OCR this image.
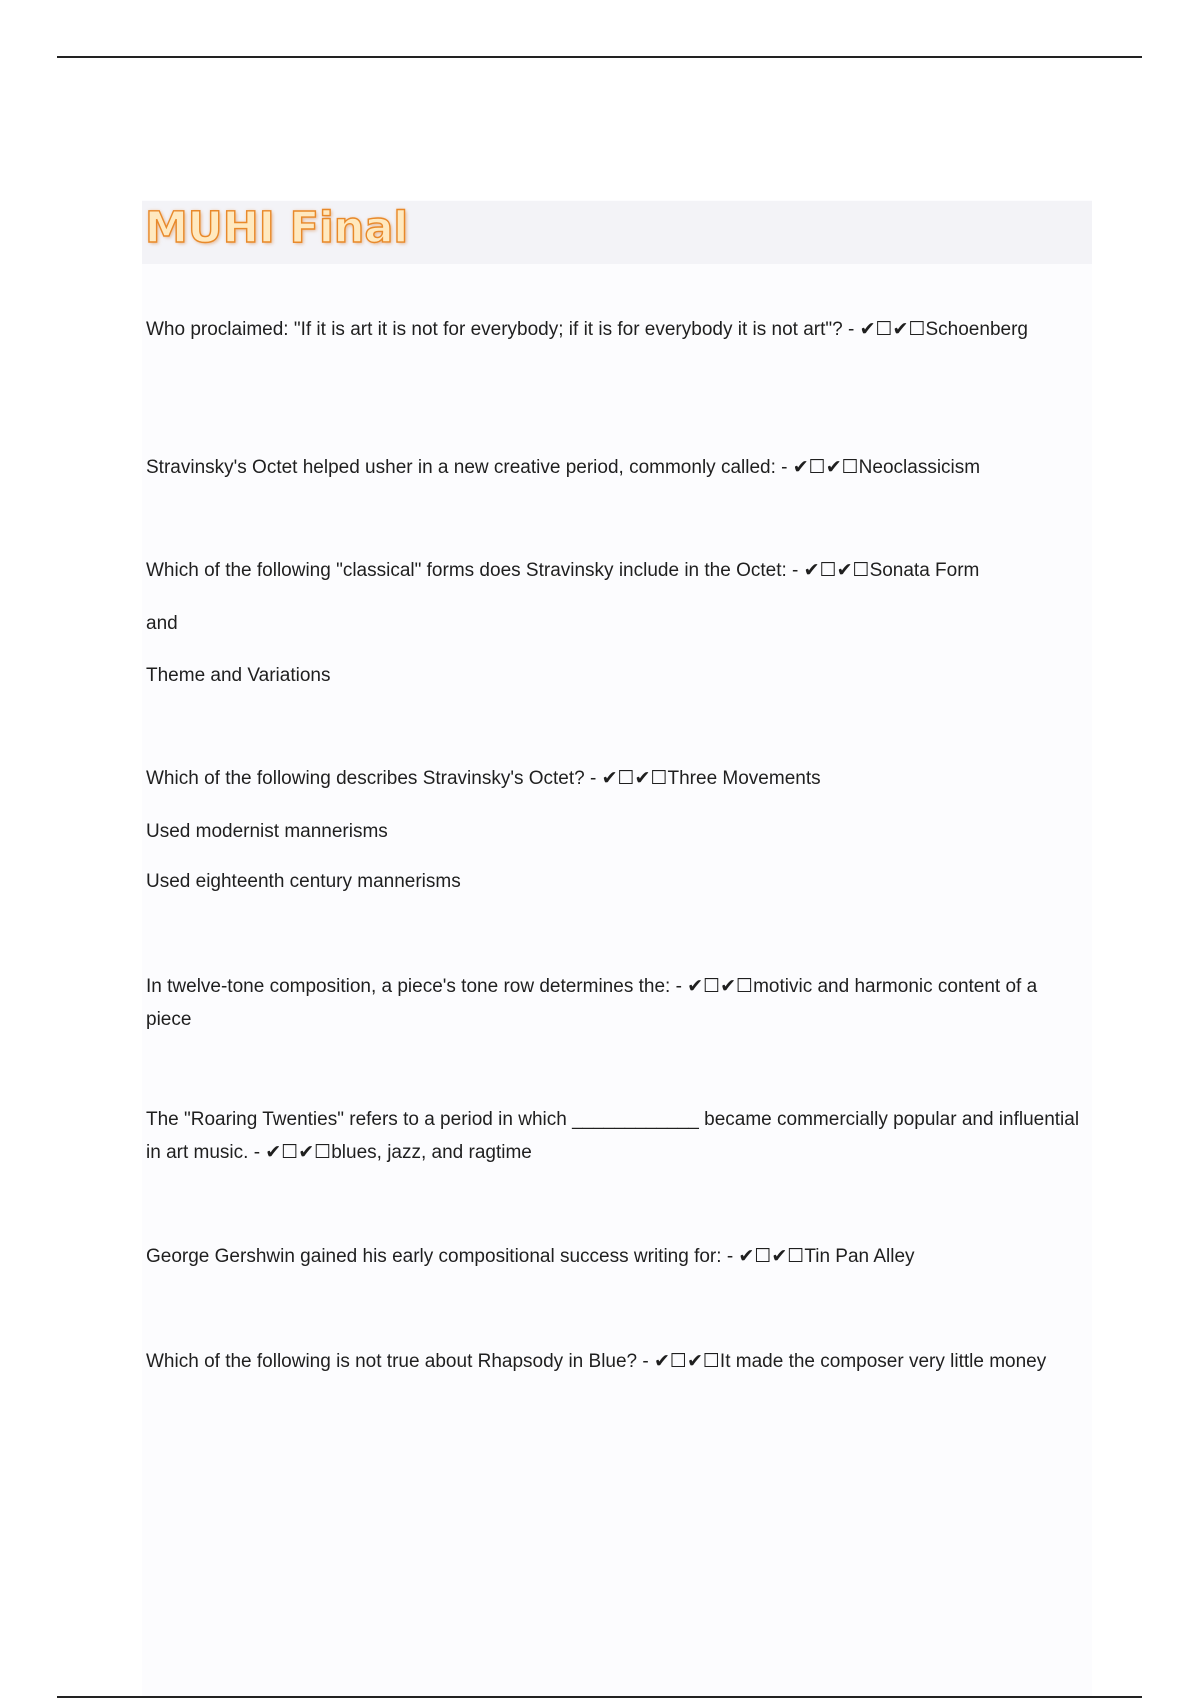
MUHI Final
Who proclaimed: "If it is art it is not for everybody; if it is for everybody it is not art"? - ✔☐✔☐Schoenberg
Stravinsky's Octet helped usher in a new creative period, commonly called: - ✔☐✔☐Neoclassicism
Which of the following "classical" forms does Stravinsky include in the Octet: - ✔☐✔☐Sonata Form
and
Theme and Variations
Which of the following describes Stravinsky's Octet? - ✔☐✔☐Three Movements
Used modernist mannerisms
Used eighteenth century mannerisms
In twelve-tone composition, a piece's tone row determines the: - ✔☐✔☐motivic and harmonic content of a piece
The "Roaring Twenties" refers to a period in which ____________ became commercially popular and influential in art music. - ✔☐✔☐blues, jazz, and ragtime
George Gershwin gained his early compositional success writing for: - ✔☐✔☐Tin Pan Alley
Which of the following is not true about Rhapsody in Blue? - ✔☐✔☐It made the composer very little money
